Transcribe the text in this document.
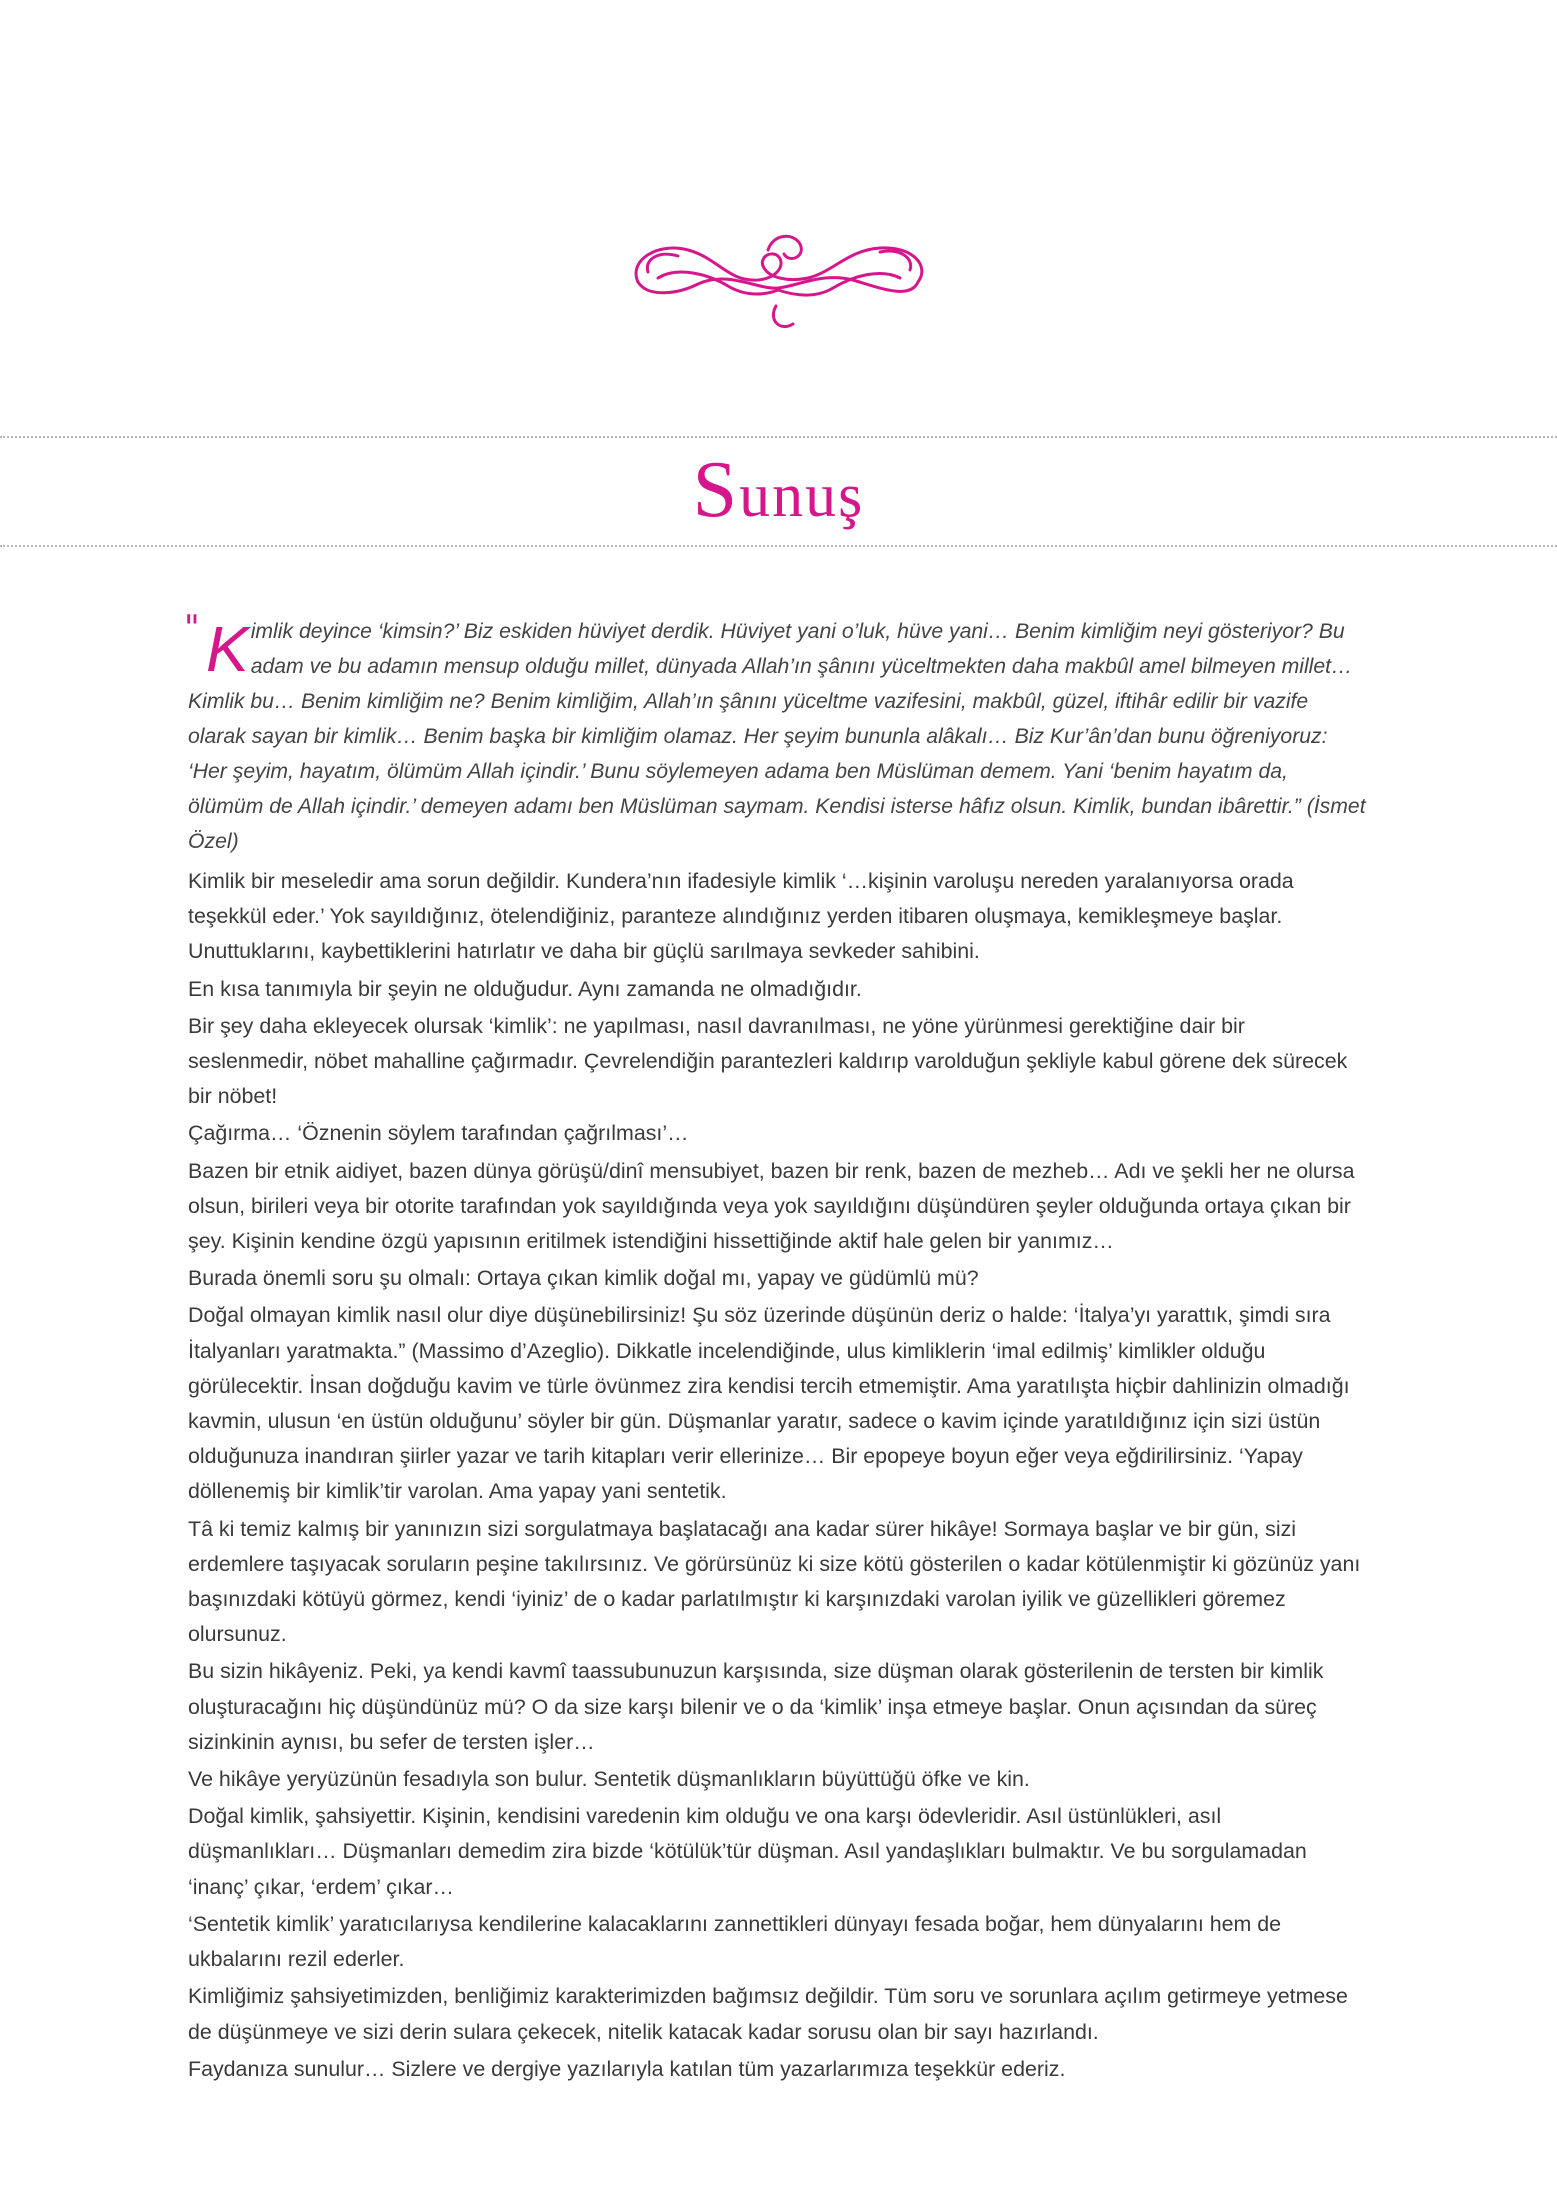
Sunuş

" K imlik deyince ‘kimsin?’ Biz eskiden hüviyet derdik. Hüviyet yani o’luk, hüve yani… Benim kimliğim neyi gösteriyor? Bu adam ve bu adamın mensup olduğu millet, dünyada Allah’ın şânını yüceltmekten daha makbûl amel bilmeyen millet… Kimlik bu… Benim kimliğim ne? Benim kimliğim, Allah’ın şânını yüceltme vazifesini, makbûl, güzel, iftihâr edilir bir vazife olarak sayan bir kimlik… Benim başka bir kimliğim olamaz. Her şeyim bununla alâkalı… Biz Kur’ân’dan bunu öğreniyoruz: ‘Her şeyim, hayatım, ölümüm Allah içindir.’ Bunu söylemeyen adama ben Müslüman demem. Yani ‘benim hayatım da, ölümüm de Allah içindir.’ demeyen adamı ben Müslüman saymam. Kendisi isterse hâfız olsun. Kimlik, bundan ibârettir.” (İsmet Özel)

Kimlik bir meseledir ama sorun değildir. Kundera’nın ifadesiyle kimlik ‘…kişinin varoluşu nereden yaralanıyorsa orada teşekkül eder.’ Yok sayıldığınız, ötelendiğiniz, paranteze alındığınız yerden itibaren oluşmaya, kemikleşmeye başlar. Unuttuklarını, kaybettiklerini hatırlatır ve daha bir güçlü sarılmaya sevkeder sahibini.

En kısa tanımıyla bir şeyin ne olduğudur. Aynı zamanda ne olmadığıdır.

Bir şey daha ekleyecek olursak ‘kimlik’: ne yapılması, nasıl davranılması, ne yöne yürünmesi gerektiğine dair bir seslenmedir, nöbet mahalline çağırmadır. Çevrelendiğin parantezleri kaldırıp varolduğun şekliyle kabul görene dek sürecek bir nöbet!

Çağırma… ‘Öznenin söylem tarafından çağrılması’…

Bazen bir etnik aidiyet, bazen dünya görüşü/dinî mensubiyet, bazen bir renk, bazen de mezheb… Adı ve şekli her ne olursa olsun, birileri veya bir otorite tarafından yok sayıldığında veya yok sayıldığını düşündüren şeyler olduğunda ortaya çıkan bir şey. Kişinin kendine özgü yapısının eritilmek istendiğini hissettiğinde aktif hale gelen bir yanımız…

Burada önemli soru şu olmalı: Ortaya çıkan kimlik doğal mı, yapay ve güdümlü mü?

Doğal olmayan kimlik nasıl olur diye düşünebilirsiniz! Şu söz üzerinde düşünün deriz o halde: ‘İtalya’yı yarattık, şimdi sıra İtalyanları yaratmakta.” (Massimo d’Azeglio). Dikkatle incelendiğinde, ulus kimliklerin ‘imal edilmiş’ kimlikler olduğu görülecektir. İnsan doğduğu kavim ve türle övünmez zira kendisi tercih etmemiştir. Ama yaratılışta hiçbir dahlinizin olmadığı kavmin, ulusun ‘en üstün olduğunu’ söyler bir gün. Düşmanlar yaratır, sadece o kavim içinde yaratıldığınız için sizi üstün olduğunuza inandıran şiirler yazar ve tarih kitapları verir ellerinize… Bir epopeye boyun eğer veya eğdirilirsiniz. ‘Yapay döllenemiş bir kimlik’tir varolan. Ama yapay yani sentetik.

Tâ ki temiz kalmış bir yanınızın sizi sorgulatmaya başlatacağı ana kadar sürer hikâye! Sormaya başlar ve bir gün, sizi erdemlere taşıyacak soruların peşine takılırsınız. Ve görürsünüz ki size kötü gösterilen o kadar kötülenmiştir ki gözünüz yanı başınızdaki kötüyü görmez, kendi ‘iyiniz’ de o kadar parlatılmıştır ki karşınızdaki varolan iyilik ve güzellikleri göremez olursunuz.

Bu sizin hikâyeniz. Peki, ya kendi kavmî taassubunuzun karşısında, size düşman olarak gösterilenin de tersten bir kimlik oluşturacağını hiç düşündünüz mü? O da size karşı bilenir ve o da ‘kimlik’ inşa etmeye başlar. Onun açısından da süreç sizinkinin aynısı, bu sefer de tersten işler…

Ve hikâye yeryüzünün fesadıyla son bulur. Sentetik düşmanlıkların büyüttüğü öfke ve kin.

Doğal kimlik, şahsiyettir. Kişinin, kendisini varedenin kim olduğu ve ona karşı ödevleridir. Asıl üstünlükleri, asıl düşmanlıkları… Düşmanları demedim zira bizde ‘kötülük’tür düşman. Asıl yandaşlıkları bulmaktır. Ve bu sorgulamadan ‘inanç’ çıkar, ‘erdem’ çıkar…

‘Sentetik kimlik’ yaratıcılarıysa kendilerine kalacaklarını zannettikleri dünyayı fesada boğar, hem dünyalarını hem de ukbalarını rezil ederler.

Kimliğimiz şahsiyetimizden, benliğimiz karakterimizden bağımsız değildir. Tüm soru ve sorunlara açılım getirmeye yetmese de düşünmeye ve sizi derin sulara çekecek, nitelik katacak kadar sorusu olan bir sayı hazırlandı.

Faydanıza sunulur… Sizlere ve dergiye yazılarıyla katılan tüm yazarlarımıza teşekkür ederiz.
